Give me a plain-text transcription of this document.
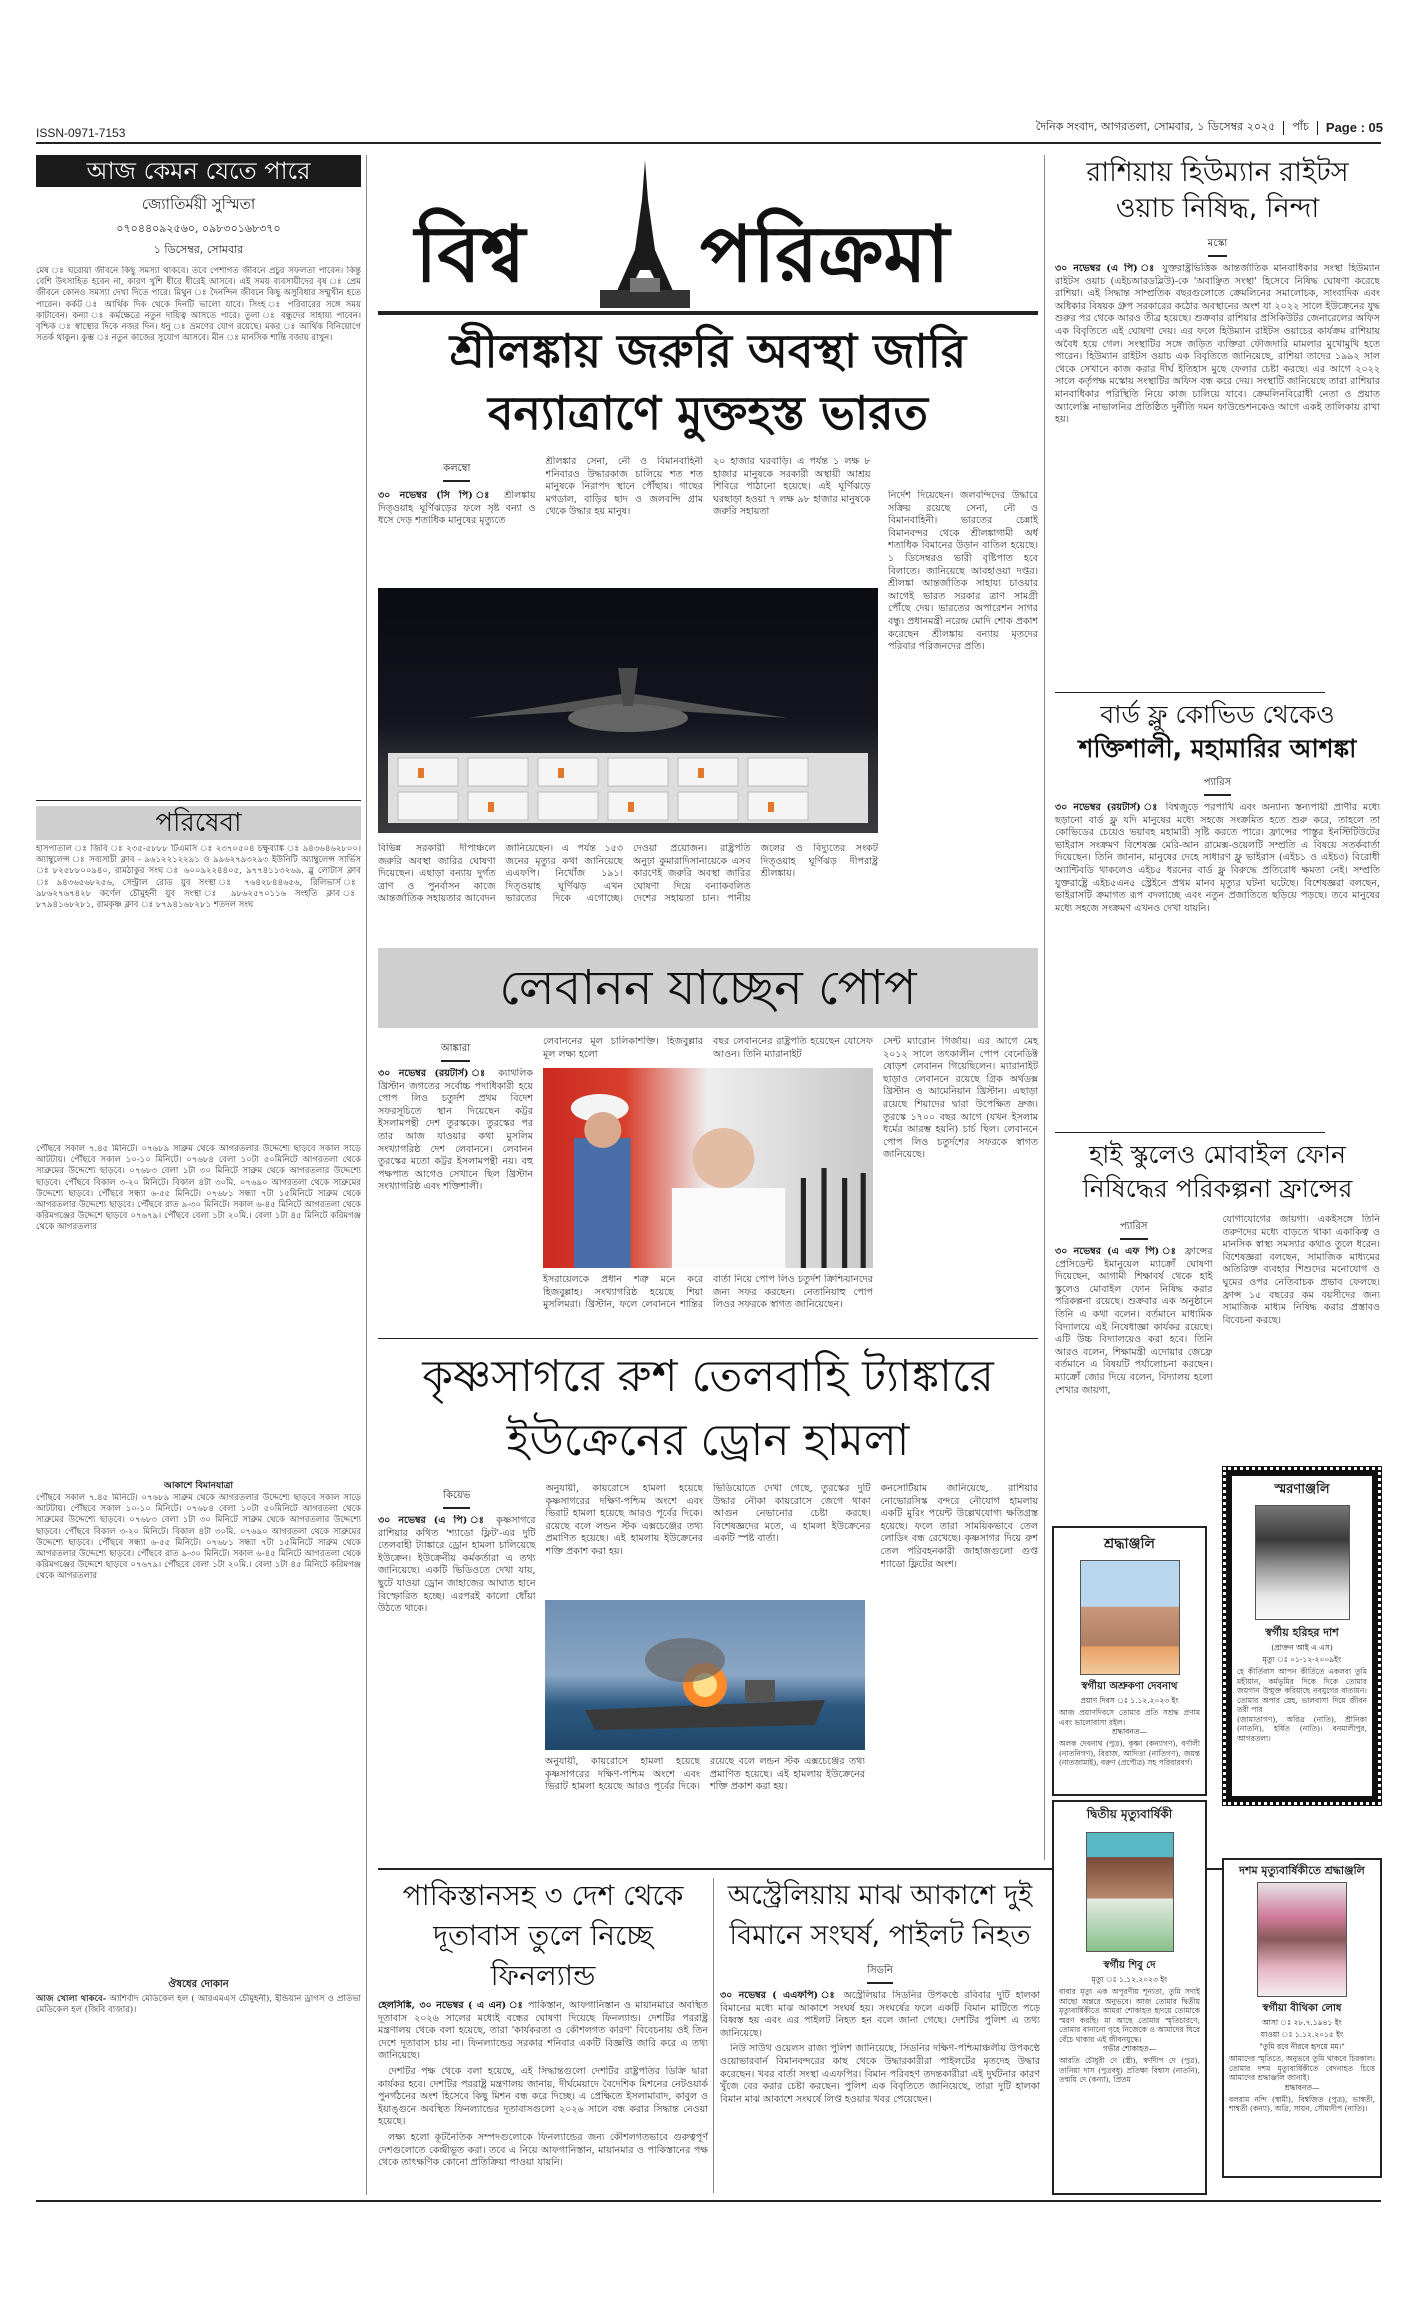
ISSN-0971-7153	দৈনিক সংবাদ, আগরতলা, সোমবার, ১ ডিসেম্বর ২০২৫ পাঁচ Page : 05
আজ কেমন যেতে পারে
জ্যোতির্ময়ী সুস্মিতা
০৭০৪৪০৯২৫৬০, ০৯৮৩০১৬৮৩৭০
১ ডিসেম্বর, সোমবার
মেষ ঃ ঘরোয়া জীবনে কিছু সমস্যা থাকবে। তবে পেশাগত জীবনে প্রচুর সফলতা পাবেন। কিন্তু বেশি উৎসাহিত হবেন না, কারণ খুশি ধীরে ধীরেই আসবে। এই সময় ব্যবসায়ীদের বৃষ ঃ প্রেম জীবনে কোনও সমস্যা দেখা দিতে পারে। মিথুন ঃ দৈনন্দিন জীবনে কিছু অসুবিধার সম্মুখীন হতে পারেন। কর্কট ঃ আর্থিক দিক থেকে দিনটি ভালো যাবে। সিংহ ঃ পরিবারের সঙ্গে সময় কাটাবেন। কন্যা ঃ কর্মক্ষেত্রে নতুন দায়িত্ব আসতে পারে। তুলা ঃ বন্ধুদের সাহায্য পাবেন। বৃশ্চিক ঃ স্বাস্থ্যের দিকে নজর দিন। ধনু ঃ ভ্রমণের যোগ রয়েছে। মকর ঃ আর্থিক বিনিয়োগে সতর্ক থাকুন। কুম্ভ ঃ নতুন কাজের সুযোগ আসবে। মীন ঃ মানসিক শান্তি বজায় রাখুন।
পরিষেবা
হাসপাতাল ঃ জিবি ঃ ২৩৫-৫৮৮৮ টিএমসি ঃ ২৩৭০৫০৪ চক্ষুব্যাঙ্ক ঃ ৯৪৩৬৪৬২৮০০। অ্যাম্বুলেন্স ঃ সব্যসাচী ক্লাব - ৯৬১২২১২২৯১ ও ৯৯৬২৭৯৩২৯৩ ইউনিটি অ্যাম্বুলেন্স সার্ভিস ঃ ৮২৫৮৮০০৯৪০, রামঠাকুর সংঘ ঃ ৬০০৯২২৪৪০৫, ৯৭৭৪১১৩২৬৯, ব্লু লোটাস ক্লাব ঃ ৯৪৩৬৫৬৮২৫৬, সেন্ট্রাল রোড যুব সংস্থা ঃ ৭৬৪২৮৪৪৬৫৬, রিলিভার্স ঃ ৯৮৬২৭৬৭৪২৮ কর্ণেল চৌমুহনী যুব সংস্থা ঃ ৯৮৬২৫৭০১১৬ সংহতি ক্লাব ঃ ৮৭৯৪১৬৮২৮১, রামকৃষ্ণ ক্লাব ঃ ৮৭৯৪১৬৮২৮১ শতদল সংঘ
পৌঁছবে সকাল ৭.৪৫ মিনিটে। ০৭৬৮৯ সাব্রুম থেকে আগরতলার উদ্দেশ্যে ছাড়বে সকাল সাড়ে আটটায়। পৌঁছবে সকাল ১০-১০ মিনিটে। ০৭৬৮৪ বেলা ১০টা ৫০মিনিটে আগরতলা থেকে সাব্রুমের উদ্দেশ্যে ছাড়বে। ০৭৬৮৩ বেলা ১টা ৩০ মিনিটে সাব্রুম থেকে আগরতলার উদ্দেশ্যে ছাড়বে। পৌঁছবে বিকাল ৩-২০ মিনিটে। বিকাল ৪টা ৩০মি. ০৭৬৯০ আগরতলা থেকে সাব্রুমের উদ্দেশ্যে ছাড়বে। পৌঁছবে সন্ধ্যা ৬-৫৫ মিনিটে। ০৭৬৮১ সন্ধ্যা ৭টা ১৫মিনিটে সাব্রুম থেকে আগরতলার উদ্দেশ্যে ছাড়বে। পৌঁছবে রাত ৯-৩০ মিনিটে। সকাল ৬-৪৫ মিনিটে আগরতলা থেকে করিমগঞ্জের উদ্দেশে ছাড়বে ০৭৬৭৯। পৌঁছবে বেলা ১টা ২০মি.। বেলা ১টা ৪৫ মিনিটে করিমগঞ্জ থেকে আগরতলার
আকাশে বিমানযাত্রা
পৌঁছবে সকাল ৭.৪৫ মিনিটে। ০৭৬৮৯ সাব্রুম থেকে আগরতলার উদ্দেশ্যে ছাড়বে সকাল সাড়ে আটটায়। পৌঁছবে সকাল ১০-১০ মিনিটে। ০৭৬৮৪ বেলা ১০টা ৫০মিনিটে আগরতলা থেকে সাব্রুমের উদ্দেশ্যে ছাড়বে। ০৭৬৮৩ বেলা ১টা ৩০ মিনিটে সাব্রুম থেকে আগরতলার উদ্দেশ্যে ছাড়বে। পৌঁছবে বিকাল ৩-২০ মিনিটে। বিকাল ৪টা ৩০মি. ০৭৬৯০ আগরতলা থেকে সাব্রুমের উদ্দেশ্যে ছাড়বে। পৌঁছবে সন্ধ্যা ৬-৫৫ মিনিটে। ০৭৬৮১ সন্ধ্যা ৭টা ১৫মিনিটে সাব্রুম থেকে আগরতলার উদ্দেশ্যে ছাড়বে। পৌঁছবে রাত ৯-৩০ মিনিটে। সকাল ৬-৪৫ মিনিটে আগরতলা থেকে করিমগঞ্জের উদ্দেশে ছাড়বে ০৭৬৭৯। পৌঁছবে বেলা ১টা ২০মি.। বেলা ১টা ৪৫ মিনিটে করিমগঞ্জ থেকে আগরতলার
ঔষধের দোকান
আজ খোলা থাকবে- আশির্বাদ মেডিকেল হল ( আরএমএস চৌমুহনী), ইন্ডিয়ান ড্রাগস ও প্রতিভা মেডিকেল হল (জিবি বাজার)।
বিশ্ব পরিক্রমা
শ্রীলঙ্কায় জরুরি অবস্থা জারি
বন্যাত্রাণে মুক্তহস্ত ভারত
কলম্বো
৩০ নভেম্বর (সি পি) ঃ শ্রীলঙ্কায় দিত্ওয়াহ ঘূর্ণিঝড়ের ফলে সৃষ্ট বন্যা ও ধসে দেড় শতাধিক মানুষের মৃত্যুতে
শ্রীলঙ্কার সেনা, নৌ ও বিমানবাহিনী শনিবারও উদ্ধারকাজ চালিয়ে শত শত মানুষকে নিরাপদ স্থানে পৌঁছায়। গাছের মগডাল, বাড়ির ছাদ ও জলবন্দি গ্রাম থেকে উদ্ধার হয় মানুষ।
২০ হাজার ঘরবাড়ি। এ পর্যন্ত ১ লক্ষ ৮ হাজার মানুষকে সরকারী অস্থায়ী আশ্রয় শিবিরে পাঠানো হয়েছে। এই ঘূর্ণিঝড়ে ঘরছাড়া হওয়া ৭ লক্ষ ৯৮ হাজার মানুষকে জরুরি সহায়তা
নির্দেশ দিয়েছেন। জলবন্দিদের উদ্ধারে সক্রিয় রয়েছে সেনা, নৌ ও বিমানবাহিনী। ভারতের চেন্নাই বিমানবন্দর থেকে শ্রীলঙ্কাগামী অর্ধ শতাধিক বিমানের উড়ান বাতিল হয়েছে। ১ ডিসেম্বরও ভারী বৃষ্টিপাত হবে বিলাতে। জানিয়েছে আবহাওয়া দপ্তর। শ্রীলঙ্কা আন্তর্জাতিক সাহায্য চাওয়ার আগেই ভারত সরকার ত্রাণ সামগ্রী পৌঁছে দেয়। ভারতের অপারেশন সাগর বন্ধু। প্রধানমন্ত্রী নরেন্দ্র মোদি শোক প্রকাশ করেছেন শ্রীলঙ্কায় বন্যায় মৃতদের পরিবার পরিজনদের প্রতি।
বিভিন্ন সরকারী দীপাঞ্চলে জরুরি অবস্থা জারির ঘোষণা দিয়েছেন। এছাড়া বন্যায় দুর্গত ত্রাণ ও পুনর্বাসন কাজে আন্তর্জাতিক সহায়তার আবেদন জানিয়েছেন। এ পর্যন্ত ১৫৩ জনের মৃত্যুর কথা জানিয়েছে এএফপি। নিখোঁজ ১৯১। দিত্ওয়াহ ঘূর্ণিঝড় এখন ভারতের দিকে এগোচ্ছে। দেওয়া প্রয়োজন। রাষ্ট্রপতি অনুঢ়া কুমারাদিসানায়েকে এসব কারণেই জরুরি অবস্থা জারির ঘোষণা দিয়ে বন্যাকবলিত দেশের সহায়তা চান। পানীয় জলের ও বিদ্যুতের সংকট দিত্ওয়াহ ঘূর্ণিঝড় দীপরাষ্ট্র শ্রীলঙ্কায়।
লেবানন যাচ্ছেন পোপ
আঙ্কারা
৩০ নভেম্বর (রয়টার্স) ঃ ক্যাথলিক খ্রিস্টান জগতের সর্বোচ্চ পদাধিকারী হয়ে পোপ লিও চতুর্দশ প্রথম বিদেশ সফরসূচিতে স্থান দিয়েছেন কট্টর ইসলামপন্থী দেশ তুরস্ককে। তুরস্কের পর তার আজ যাওয়ার কথা মুসলিম সংখ্যাগরিষ্ঠ দেশ লেবাননে। লেবানন তুরস্কের মতো কট্টর ইসলামপন্থী নয়। বহু পক্ষপাত আগেও সেখানে ছিল খ্রিস্টান সংখ্যাগরিষ্ঠ এবং শক্তিশালী।
লেবাননের মূল চালিকাশক্তি। হিজবুল্লার মূল লক্ষ্য হলো
বছর লেবাননের রাষ্ট্রপতি হয়েছেন যোসেফ আওন। তিনি ম্যারানাইট
ইসরায়েলকে প্রধান শত্রু মনে করে হিজবুল্লাহ। সংখ্যাগরিষ্ঠ হয়েছে শিয়া মুসলিমরা। খ্রিস্টান, ফলে লেবাননে শান্তির বার্তা নিয়ে পোপ লিও চতুর্দশ ক্রিশ্চিয়ানদের জন্য সফর করছেন। নেতানিয়াহু পোপ লিওর সফরকে স্বাগত জানিয়েছেন।
সেন্ট ম্যারোন গির্জায়। এর আগে মেহ ২০১২ সালে তৎকালীন পোপ বেনেডিক্ট ষোড়শ লেবানন গিয়েছিলেন। ম্যারানাইট ছাড়াও লেবাননে রয়েছে গ্রিক অর্থডক্স খ্রিস্টান ও আমেনিয়ান খ্রিস্টান। এছাড়া রয়েছে শিয়াদের দ্বারা উপেক্ষিত দ্রুজ। তুরস্কে ১৭০০ বছর আগে (যখন ইসলাম ধর্মের আরম্ভ হয়নি) চার্চ ছিল। লেবাননে পোপ লিও চতুর্দশের সফরকে স্বাগত জানিয়েছে।
কৃষ্ণসাগরে রুশ তেলবাহি ট্যাঙ্কারে
ইউক্রেনের ড্রোন হামলা
কিয়েভ
৩০ নভেম্বর (এ পি) ঃ কৃষ্ণসাগরে রাশিয়ার কথিত 'শ্যাডো ফ্লিট'-এর দুটি তেলবাহী ট্যাঙ্কারে ড্রোন হামলা চালিয়েছে ইউক্রেন। ইউক্রেনীয় কর্মকর্তারা এ তথ্য জানিয়েছে। একটি ভিডিওতে দেখা যায়, ছুটে যাওয়া ড্রোন জাহাজের আঘাত হানে বিস্ফোরিত হচ্ছে। এরপরই কালো ধোঁয়া উঠতে থাকে।
অনুযায়ী, কায়রোসে হামলা হয়েছে কৃষ্ণসাগরের দক্ষিণ-পশ্চিম অংশে এবং ভিরাট হামলা হয়েছে আরও পূর্বের দিকে। রয়েছে বলে লন্ডন স্টক এক্সচেঞ্জের তথ্য প্রমাণিত হয়েছে। এই হামলায় ইউক্রেনের শক্তি প্রকাশ করা হয়।
ভিডিয়োতে দেখা গেছে, তুরস্কের দুটি উদ্ধার নৌকা কায়রোসে জেগে থাকা আগুন নেভানোর চেষ্টা করছে। বিশেষজ্ঞদের মতে, এ হামলা ইউক্রেনের একটি স্পষ্ট বার্তা।
কনসোর্টিয়াম জানিয়েছে, রাশিয়ার নোভোরসিস্ক বন্দরে নৌযোগ হামলায় একটি মুরিং পয়েন্ট উল্লেখযোগ্য ক্ষতিগ্রস্ত হয়েছে। ফলে তারা সাময়িকভাবে তেল লোডিং বন্ধ রেখেছে। কৃষ্ণসাগর দিয়ে রুশ তেল পরিবহনকারী জাহাজগুলো গুপ্ত শ্যাডো ফ্লিটের অংশ।
অনুযায়ী, কায়রোসে হামলা হয়েছে কৃষ্ণসাগরের দক্ষিণ-পশ্চিম অংশে এবং ভিরাট হামলা হয়েছে আরও পূর্বের দিকে। রয়েছে বলে লন্ডন স্টক এক্সচেঞ্জের তথ্য প্রমাণিত হয়েছে। এই হামলায় ইউক্রেনের শক্তি প্রকাশ করা হয়।
পাকিস্তানসহ ৩ দেশ থেকে
দূতাবাস তুলে নিচ্ছে ফিনল্যান্ড
হেলসিঙ্কি, ৩০ নভেম্বর ( এ এন) ঃ পাকিস্তান, আফগানিস্তান ও মায়ানমারে অবস্থিত দূতাবাস ২০২৬ সালের মধ্যেই বন্ধের ঘোষণা দিয়েছে ফিনল্যান্ড। দেশটির পররাষ্ট্র মন্ত্রণালয় থেকে বলা হয়েছে, তারা 'কার্যকরতা ও কৌশলগত কারণ' বিবেচনায় ওই তিন দেশে দূতাবাস চায় না। ফিনল্যান্ডের সরকার শনিবার একটি বিজ্ঞপ্তি জারি করে এ তথ্য জানিয়েছে।
দেশটির পক্ষ থেকে বলা হয়েছে, এই সিদ্ধান্তগুলো দেশটির রাষ্ট্রপতির ডিক্রি দ্বারা কার্যকর হবে। দেশটির পররাষ্ট্র মন্ত্রণালয় জানায়, দীর্ঘমেয়াদে বৈদেশিক মিশনের নেটওয়ার্ক পুনর্গঠনের অংশ হিসেবে কিছু মিশন বন্ধ করে দিচ্ছে। এ প্রেক্ষিতে ইসলামাবাদ, কাবুল ও ইয়াঙ্গুনে অবস্থিত ফিনল্যান্ডের দূতাবাসগুলো ২০২৬ সালে বন্ধ করার সিদ্ধান্ত নেওয়া হয়েছে।
লক্ষ্য হলো কূটনৈতিক সম্পদগুলোকে ফিনল্যান্ডের জন্য কৌশলগতভাবে গুরুত্বপূর্ণ দেশগুলোতে কেন্দ্রীভূত করা। তবে এ নিয়ে আফগানিস্তান, মায়ানমার ও পাকিস্তানের পক্ষ থেকে তাৎক্ষণিক কোনো প্রতিক্রিয়া পাওয়া যায়নি।
অস্ট্রেলিয়ায় মাঝ আকাশে দুই
বিমানে সংঘর্ষ, পাইলট নিহত
সিডনি
৩০ নভেম্বর ( এএফপি) ঃ অস্ট্রেলিয়ার সিডনির উপকণ্ঠে রবিবার দুটি হালকা বিমানের মধ্যে মাঝ আকাশে সংঘর্ষ হয়। সংঘর্ষের ফলে একটি বিমান মাটিতে পড়ে বিধ্বস্ত হয় এবং এর পাইলট নিহত হন বলে জানা গেছে। দেশটির পুলিশ এ তথ্য জানিয়েছে।
নিউ সাউথ ওয়েলস রাজ্য পুলিশ জানিয়েছে, সিডনির দক্ষিণ-পশ্চিমাঞ্চলীয় উপকণ্ঠে ওয়োভারবার্ন বিমানবন্দরের কাছ থেকে উদ্ধারকারীরা পাইলটের মৃতদেহ উদ্ধার করেছেন। খবর বার্তা সংস্থা এএফপির। বিমান পরিবহণ তদন্তকারীরা এই দুর্ঘটনার কারণ খুঁজে বের করার চেষ্টা করছেন। পুলিশ এক বিবৃতিতে জানিয়েছে, তারা দুটি হালকা বিমান মাঝ আকাশে সংঘর্ষে লিপ্ত হওয়ার খবর পেয়েছেন।
রাশিয়ায় হিউম্যান রাইটস
ওয়াচ নিষিদ্ধ, নিন্দা
মস্কো
৩০ নভেম্বর (এ পি) ঃ যুক্তরাষ্ট্রভিত্তিক আন্তর্জাতিক মানবাধিকার সংস্থা হিউম্যান রাইটস ওয়াচ (এইচআরডব্লিউ)-কে 'অবাঞ্ছিত সংস্থা' হিসেবে নিষিদ্ধ ঘোষণা করেছে রাশিয়া। এই সিদ্ধান্ত সাম্প্রতিক বছরগুলোতে ক্রেমলিনের সমালোচক, সাংবাদিক এবং অধিকার বিষয়ক গ্রুপ সরকারের কঠোর অবস্থানের অংশ যা ২০২২ সালে ইউক্রেনের যুদ্ধ শুরুর পর থেকে আরও তীব্র হয়েছে। শুক্রবার রাশিয়ার প্রসিকিউটর জেনারেলের অফিস এক বিবৃতিতে এই ঘোষণা দেয়। এর ফলে হিউম্যান রাইটস ওয়াচের কার্যক্রম রাশিয়ায় অবৈধ হয়ে গেল। সংস্থাটির সঙ্গে জড়িত ব্যক্তিরা ফৌজদারি মামলার মুখোমুখি হতে পারেন। হিউম্যান রাইটস ওয়াচ এক বিবৃতিতে জানিয়েছে, রাশিয়া তাদের ১৯৯২ সাল থেকে সেখানে কাজ করার দীর্ঘ ইতিহাস মুছে ফেলার চেষ্টা করছে। এর আগে ২০২২ সালে কর্তৃপক্ষ মস্কোয় সংস্থাটির অফিস বন্ধ করে দেয়। সংস্থাটি জানিয়েছে তারা রাশিয়ার মানবাধিকার পরিস্থিতি নিয়ে কাজ চালিয়ে যাবে। ক্রেমলিনবিরোধী নেতা ও প্রয়াত অ্যালেক্সি নাভালনির প্রতিষ্ঠিত দুর্নীতি দমন ফাউন্ডেশনকেও আগে একই তালিকায় রাখা হয়।
বার্ড ফ্লু কোভিড থেকেও
শক্তিশালী, মহামারির আশঙ্কা
প্যারিস
৩০ নভেম্বর (রয়টার্স) ঃ বিশ্বজুড়ে পরপাখি এবং অন্যান্য স্তন্যপায়ী প্রাণীর মধ্যে ছড়ানো বার্ড ফ্লু যদি মানুষের মধ্যে সহজে সংক্রমিত হতে শুরু করে, তাহলে তা কোভিডের চেয়েও ভয়াবহ মহামারী সৃষ্টি করতে পারে। ফ্রান্সের পাস্তুর ইনস্টিটিউটের ভাইরাস সংক্রমণ বিশেষজ্ঞ মেরি-আন রামেক্স-ওয়েলটি সম্প্রতি এ বিষয়ে সতর্কবার্তা দিয়েছেন। তিনি জানান, মানুষের দেহে সাধারণ ফ্লু ভাইরাস (এইচ১ ও এইচ৩) বিরোধী অ্যান্টিবডি থাকলেও এইচ৫ ধরনের বার্ড ফ্লু বিরুদ্ধে প্রতিরোধ ক্ষমতা নেই। সম্প্রতি যুক্তরাষ্ট্রে এইচ৫এন৫ স্ট্রেইনে প্রথম মানব মৃত্যুর ঘটনা ঘটেছে। বিশেষজ্ঞরা বলছেন, ভাইরাসটি ক্রমাগত রূপ বদলাচ্ছে এবং নতুন প্রজাতিতে ছড়িয়ে পড়ছে। তবে মানুষের মধ্যে সহজে সংক্রমণ এখনও দেখা যায়নি।
হাই স্কুলেও মোবাইল ফোন
নিষিদ্ধের পরিকল্পনা ফ্রান্সের
প্যারিস
৩০ নভেম্বর (এ এফ পি) ঃ ফ্রান্সের প্রেসিডেন্ট ইমানুয়েল ম্যাক্রোঁ ঘোষণা দিয়েছেন, আগামী শিক্ষাবর্ষ থেকে হাই স্কুলেও মোবাইল ফোন নিষিদ্ধ করার পরিকল্পনা রয়েছে। শুক্রবার এক অনুষ্ঠানে তিনি এ কথা বলেন। বর্তমানে মাধ্যমিক বিদ্যালয়ে এই নিষেধাজ্ঞা কার্যকর রয়েছে। এটি উচ্চ বিদ্যালয়েও করা হবে। তিনি আরও বলেন, শিক্ষামন্ত্রী এদোয়ার জেফ্রে বর্তমানে এ বিষয়টি পর্যালোচনা করছেন। ম্যাক্রোঁ জোর দিয়ে বলেন, বিদ্যালয় হলো শেখার জায়গা,
যোগাযোগের জায়গা। একইসঙ্গে তিনি তরুণদের মধ্যে বাড়তে থাকা একাকিত্ব ও মানসিক স্বাস্থ্য সমস্যার কথাও তুলে ধরেন। বিশেষজ্ঞরা বলছেন, সামাজিক মাধ্যমের অতিরিক্ত ব্যবহার শিশুদের মনোযোগ ও ঘুমের ওপর নেতিবাচক প্রভাব ফেলছে। ফ্রান্স ১৫ বছরের কম বয়সীদের জন্য সামাজিক মাধ্যম নিষিদ্ধ করার প্রস্তাবও বিবেচনা করছে।
শ্রদ্ধাঞ্জলি
স্বর্গীয়া অশ্রুকণা দেবনাথ
প্রয়াণ দিবস ঃ ১.১২.২০২৩ ইং
আজ প্রয়াণদিবসে তোমার প্রতি সশ্রদ্ধ প্রণাম এবং ভালোবাসা রইল।
শ্রদ্ধাবনত—
অলক দেবনাথ (পুত্র), কৃষ্ণা (কন্যাগণ), বর্ণালী (নাতনিগণ), বিরাজ, আদিত্য (নাতিগণ), জয়ন্ত (নাতজামাই), বরুণ (প্রপৌত্র) সহ পরিবারবর্গ।
স্মরণাঞ্জলি
স্বর্গীয় হরিহর দাশ
(প্রাক্তন আই এ এস)
মৃত্যু ঃ ০১-১২-২০০৯ইং
হে কীর্তিবাস আপন কীর্তিতে একলব্য তুমি মহীয়ান, কর্মভূমির দিকে দিকে তোমার জয়গান উন্মুক্ত করিয়াছে নবযুগের বাতায়ন। তোমার অপার স্নেহ, ভালবাসা দিয়ে জীবন তরী পার
(জামাতাগণ), অরিত্র (নাতি), শ্রীনিকা (নাতনি), হর্ষিত (নাতি)। বনমালীপুর, আগরতলা।
দ্বিতীয় মৃত্যুবার্ষিকী
স্বর্গীয় শিবু দে
মৃত্যু ঃ ১.১২.২০২৩ ইং
বাবার মৃত্যু এক অপূরণীয় শূন্যতা, তুমি সদাই আছো অন্তরে অনুভবে। আজ তোমার দ্বিতীয় মৃত্যুবার্ষিকীতে আমরা শোকাহত হৃদয়ে তোমাকে স্মরণ করছি। মা আছে তোমার স্মৃতিচারণে, তোমার বানানো গৃহে নিজেকে ও আমাদের ঘিরে বেঁচে থাকার এই জীবনযুদ্ধে।
গভীর শোকাহত—
আরতি চৌধুরী দে (স্ত্রী), স্বর্ণদীপ দে (পুত্র), তানিয়া দাস (পুত্রবধূ) প্রতিক্ষা বিশ্বাস (নাতনি), তন্ময়ি দে (কন্যা), প্রিতম
দশম মৃত্যুবার্ষিকীতে শ্রদ্ধাঞ্জলি
স্বর্গীয়া বীথিকা লোধ
আসা ঃ ২৮.৭.১৯৪১ ইং
যাওয়া ঃ ১.১২.২০১৫ ইং
"তুমি রবে নীরবে হৃদয়ে মম।"
আমাদের স্মৃতিতে, অনুভবে তুমি থাকবে চিরকাল। তোমার দশম মৃত্যুবার্ষিকীতে বেদনাহত চিত্তে আমাদের শ্রদ্ধাঞ্জলি জানাই।
শ্রদ্ধাবনত—
বলরাম নন্দি (স্বামী), বিশ্বজিত (পুত্র), ভাস্বতী, শাশ্বতী (কন্যা), অত্রি, সায়ন, সৌম্যদীপ (নাতি)।
